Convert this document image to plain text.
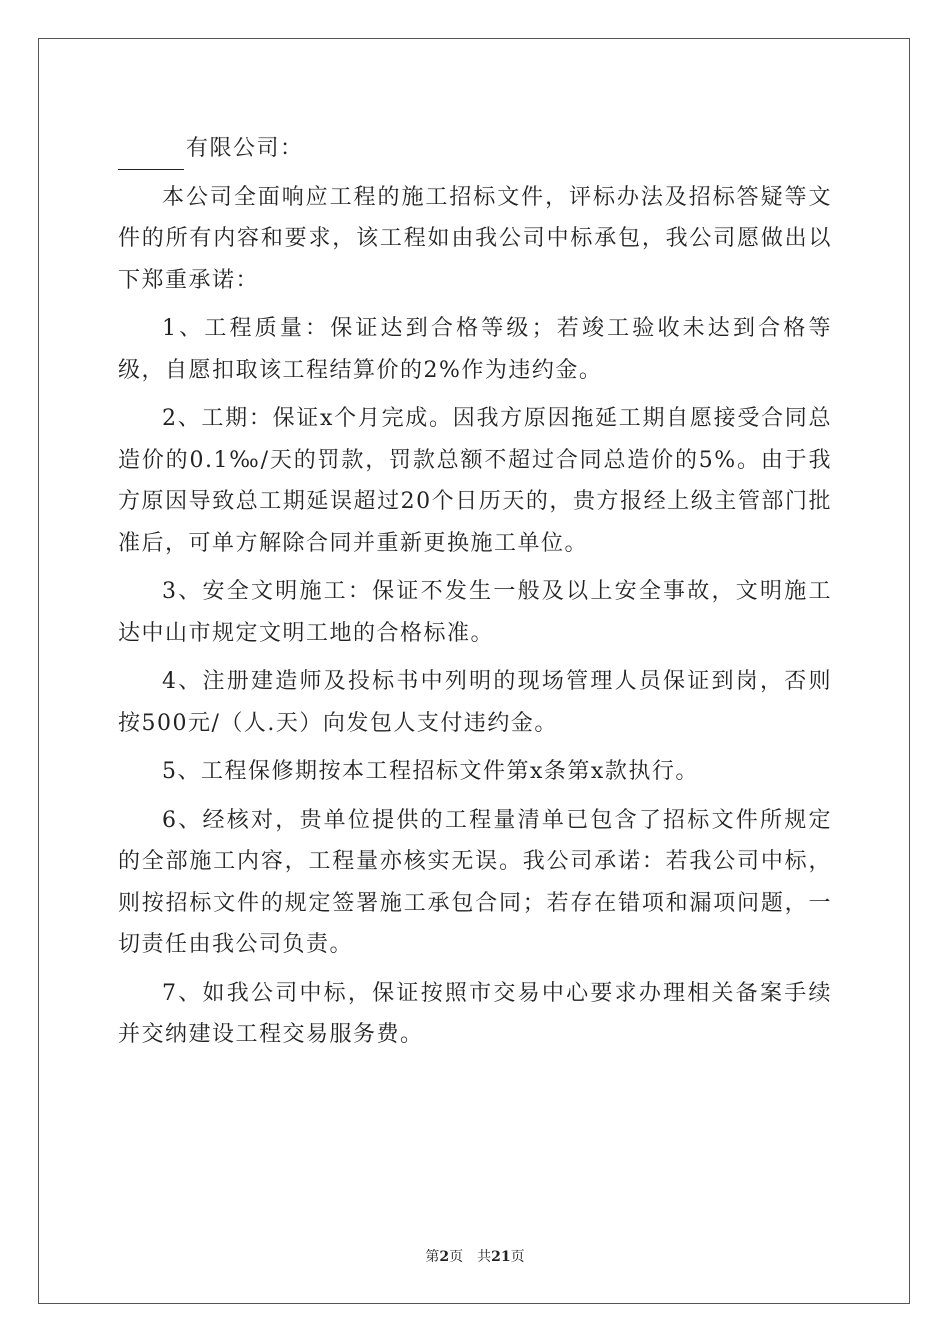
有限公司：

本公司全面响应工程的施工招标文件，评标办法及招标答疑等文件的所有内容和要求，该工程如由我公司中标承包，我公司愿做出以下郑重承诺：

1、工程质量：保证达到合格等级；若竣工验收未达到合格等级，自愿扣取该工程结算价的2%作为违约金。

2、工期：保证x个月完成。因我方原因拖延工期自愿接受合同总造价的0.1‰/天的罚款，罚款总额不超过合同总造价的5%。由于我方原因导致总工期延误超过20个日历天的，贵方报经上级主管部门批准后，可单方解除合同并重新更换施工单位。

3、安全文明施工：保证不发生一般及以上安全事故，文明施工达中山市规定文明工地的合格标准。

4、注册建造师及投标书中列明的现场管理人员保证到岗，否则按500元/（人.天）向发包人支付违约金。

5、工程保修期按本工程招标文件第x条第x款执行。

6、经核对，贵单位提供的工程量清单已包含了招标文件所规定的全部施工内容，工程量亦核实无误。我公司承诺：若我公司中标，则按招标文件的规定签署施工承包合同；若存在错项和漏项问题，一切责任由我公司负责。

7、如我公司中标，保证按照市交易中心要求办理相关备案手续并交纳建设工程交易服务费。

第2页 共21页
